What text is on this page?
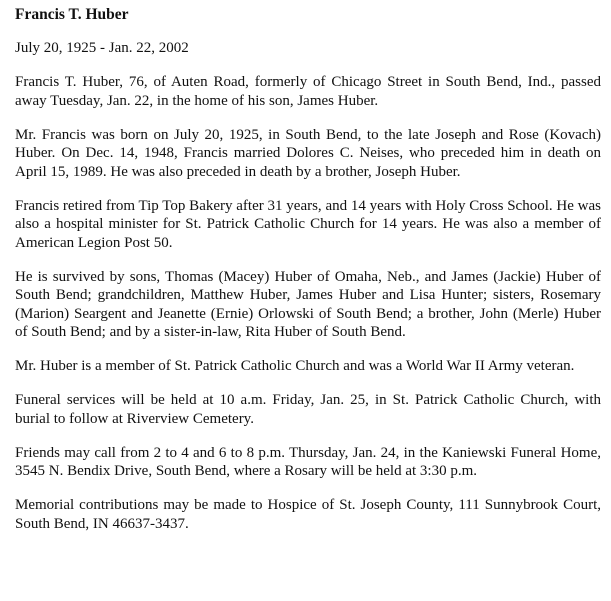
Francis T. Huber
July 20, 1925 - Jan. 22, 2002
Francis T. Huber, 76, of Auten Road, formerly of Chicago Street in South Bend, Ind., passed away Tuesday, Jan. 22, in the home of his son, James Huber.
Mr. Francis was born on July 20, 1925, in South Bend, to the late Joseph and Rose (Kovach) Huber. On Dec. 14, 1948, Francis married Dolores C. Neises, who preceded him in death on April 15, 1989. He was also preceded in death by a brother, Joseph Huber.
Francis retired from Tip Top Bakery after 31 years, and 14 years with Holy Cross School. He was also a hospital minister for St. Patrick Catholic Church for 14 years. He was also a member of American Legion Post 50.
He is survived by sons, Thomas (Macey) Huber of Omaha, Neb., and James (Jackie) Huber of South Bend; grandchildren, Matthew Huber, James Huber and Lisa Hunter; sisters, Rosemary (Marion) Seargent and Jeanette (Ernie) Orlowski of South Bend; a brother, John (Merle) Huber of South Bend; and by a sister-in-law, Rita Huber of South Bend.
Mr. Huber is a member of St. Patrick Catholic Church and was a World War II Army veteran.
Funeral services will be held at 10 a.m. Friday, Jan. 25, in St. Patrick Catholic Church, with burial to follow at Riverview Cemetery.
Friends may call from 2 to 4 and 6 to 8 p.m. Thursday, Jan. 24, in the Kaniewski Funeral Home, 3545 N. Bendix Drive, South Bend, where a Rosary will be held at 3:30 p.m.
Memorial contributions may be made to Hospice of St. Joseph County, 111 Sunnybrook Court, South Bend, IN 46637-3437.
